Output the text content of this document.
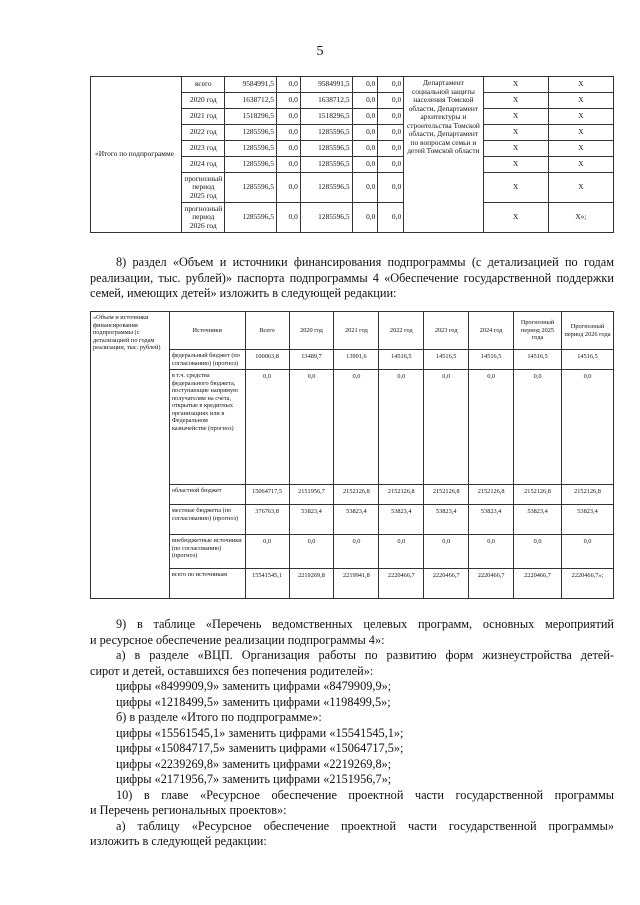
5
«Итого по подпрограмме	всего	9584991,5	0,0	9584991,5	0,0	0,0	Департамент социальной защиты населения Томской области, Департамент архитектуры и строительства Томской области, Департамент по вопросам семьи и детей Томской области	Х	Х
	2020 год	1638712,5	0,0	1638712,5	0,0	0,0		Х	Х
	2021 год	1518296,5	0,0	1518296,5	0,0	0,0		Х	Х
	2022 год	1285596,5	0,0	1285596,5	0,0	0,0		Х	Х
	2023 год	1285596,5	0,0	1285596,5	0,0	0,0		Х	Х
	2024 год	1285596,5	0,0	1285596,5	0,0	0,0		Х	Х
	прогнозный период 2025 год	1285596,5	0,0	1285596,5	0,0	0,0		Х	Х
	прогнозный период 2026 год	1285596,5	0,0	1285596,5	0,0	0,0		Х	Х»;
8) раздел «Объем и источники финансирования подпрограммы (с детализацией по годам реализации, тыс. рублей)» паспорта подпрограммы 4 «Обеспечение государственной поддержки семей, имеющих детей» изложить в следующей редакции:
«Объем и источники финансирования подпрограммы (с детализацией по годам реализации, тыс. рублей)	Источники	Всего	2020 год	2021 год	2022 год	2023 год	2024 год	Прогнозный период 2025 года	Прогнозный период 2026 года
	федеральный бюджет (по согласованию) (прогноз)	100063,8	13489,7	13991,6	14516,5	14516,5	14516,5	14516,5	14516,5
	в т.ч. средства федерального бюджета, поступающие напрямую получателям на счета, открытые в кредитных организациях или в Федеральном казначействе (прогноз)	0,0	0,0	0,0	0,0	0,0	0,0	0,0	0,0
	областной бюджет	15064717,5	2151956,7	2152126,8	2152126,8	2152126,8	2152126,8	2152126,8	2152126,8
	местные бюджеты (по согласованию) (прогноз)	376763,8	53823,4	53823,4	53823,4	53823,4	53823,4	53823,4	53823,4
	внебюджетные источники (по согласованию) (прогноз)	0,0	0,0	0,0	0,0	0,0	0,0	0,0	0,0
	всего по источникам	15541545,1	2219269,8	2219941,8	2220466,7	2220466,7	2220466,7	2220466,7	2220466,7»;
9) в таблице «Перечень ведомственных целевых программ, основных мероприятий
и ресурсное обеспечение реализации подпрограммы 4»:
а) в разделе «ВЦП. Организация работы по развитию форм жизнеустройства детей-
сирот и детей, оставшихся без попечения родителей»:
цифры «8499909,9» заменить цифрами «8479909,9»;
цифры «1218499,5» заменить цифрами «1198499,5»;
б) в разделе «Итого по подпрограмме»:
цифры «15561545,1» заменить цифрами «15541545,1»;
цифры «15084717,5» заменить цифрами «15064717,5»;
цифры «2239269,8» заменить цифрами «2219269,8»;
цифры «2171956,7» заменить цифрами «2151956,7»;
10) в главе «Ресурсное обеспечение проектной части государственной программы
и Перечень региональных проектов»:
а) таблицу «Ресурсное обеспечение проектной части государственной программы»
изложить в следующей редакции:
